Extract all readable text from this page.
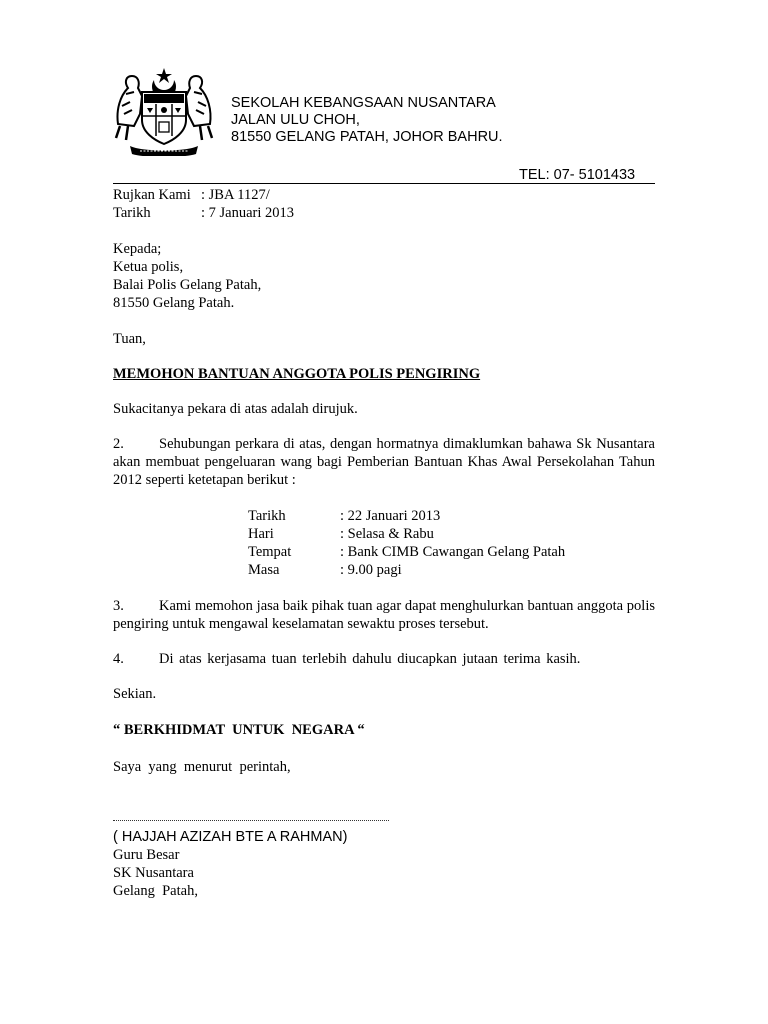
SEKOLAH KEBANGSAAN NUSANTARA
JALAN ULU CHOH,
81550 GELANG PATAH, JOHOR BAHRU.
TEL: 07- 5101433
Rujkan Kami : JBA 1127/
Tarikh	: 7 Januari 2013
Kepada;
Ketua polis,
Balai Polis Gelang Patah,
81550 Gelang Patah.
Tuan,
MEMOHON BANTUAN ANGGOTA POLIS PENGIRING
Sukacitanya pekara di atas adalah dirujuk.
2. Sehubungan perkara di atas, dengan hormatnya dimaklumkan bahawa Sk Nusantara akan membuat pengeluaran wang bagi Pemberian Bantuan Khas Awal Persekolahan Tahun 2012 seperti ketetapan berikut :
Tarikh	: 22 Januari 2013
Hari	: Selasa & Rabu
Tempat	: Bank CIMB Cawangan Gelang Patah
Masa	: 9.00 pagi
3. Kami memohon jasa baik pihak tuan agar dapat menghulurkan bantuan anggota polis pengiring untuk mengawal keselamatan sewaktu proses tersebut.
4. Di atas kerjasama tuan terlebih dahulu diucapkan jutaan terima kasih.
Sekian.
“ BERKHIDMAT  UNTUK  NEGARA “
Saya  yang  menurut  perintah,
( HAJJAH AZIZAH BTE A RAHMAN)
Guru Besar
SK Nusantara
Gelang  Patah,
